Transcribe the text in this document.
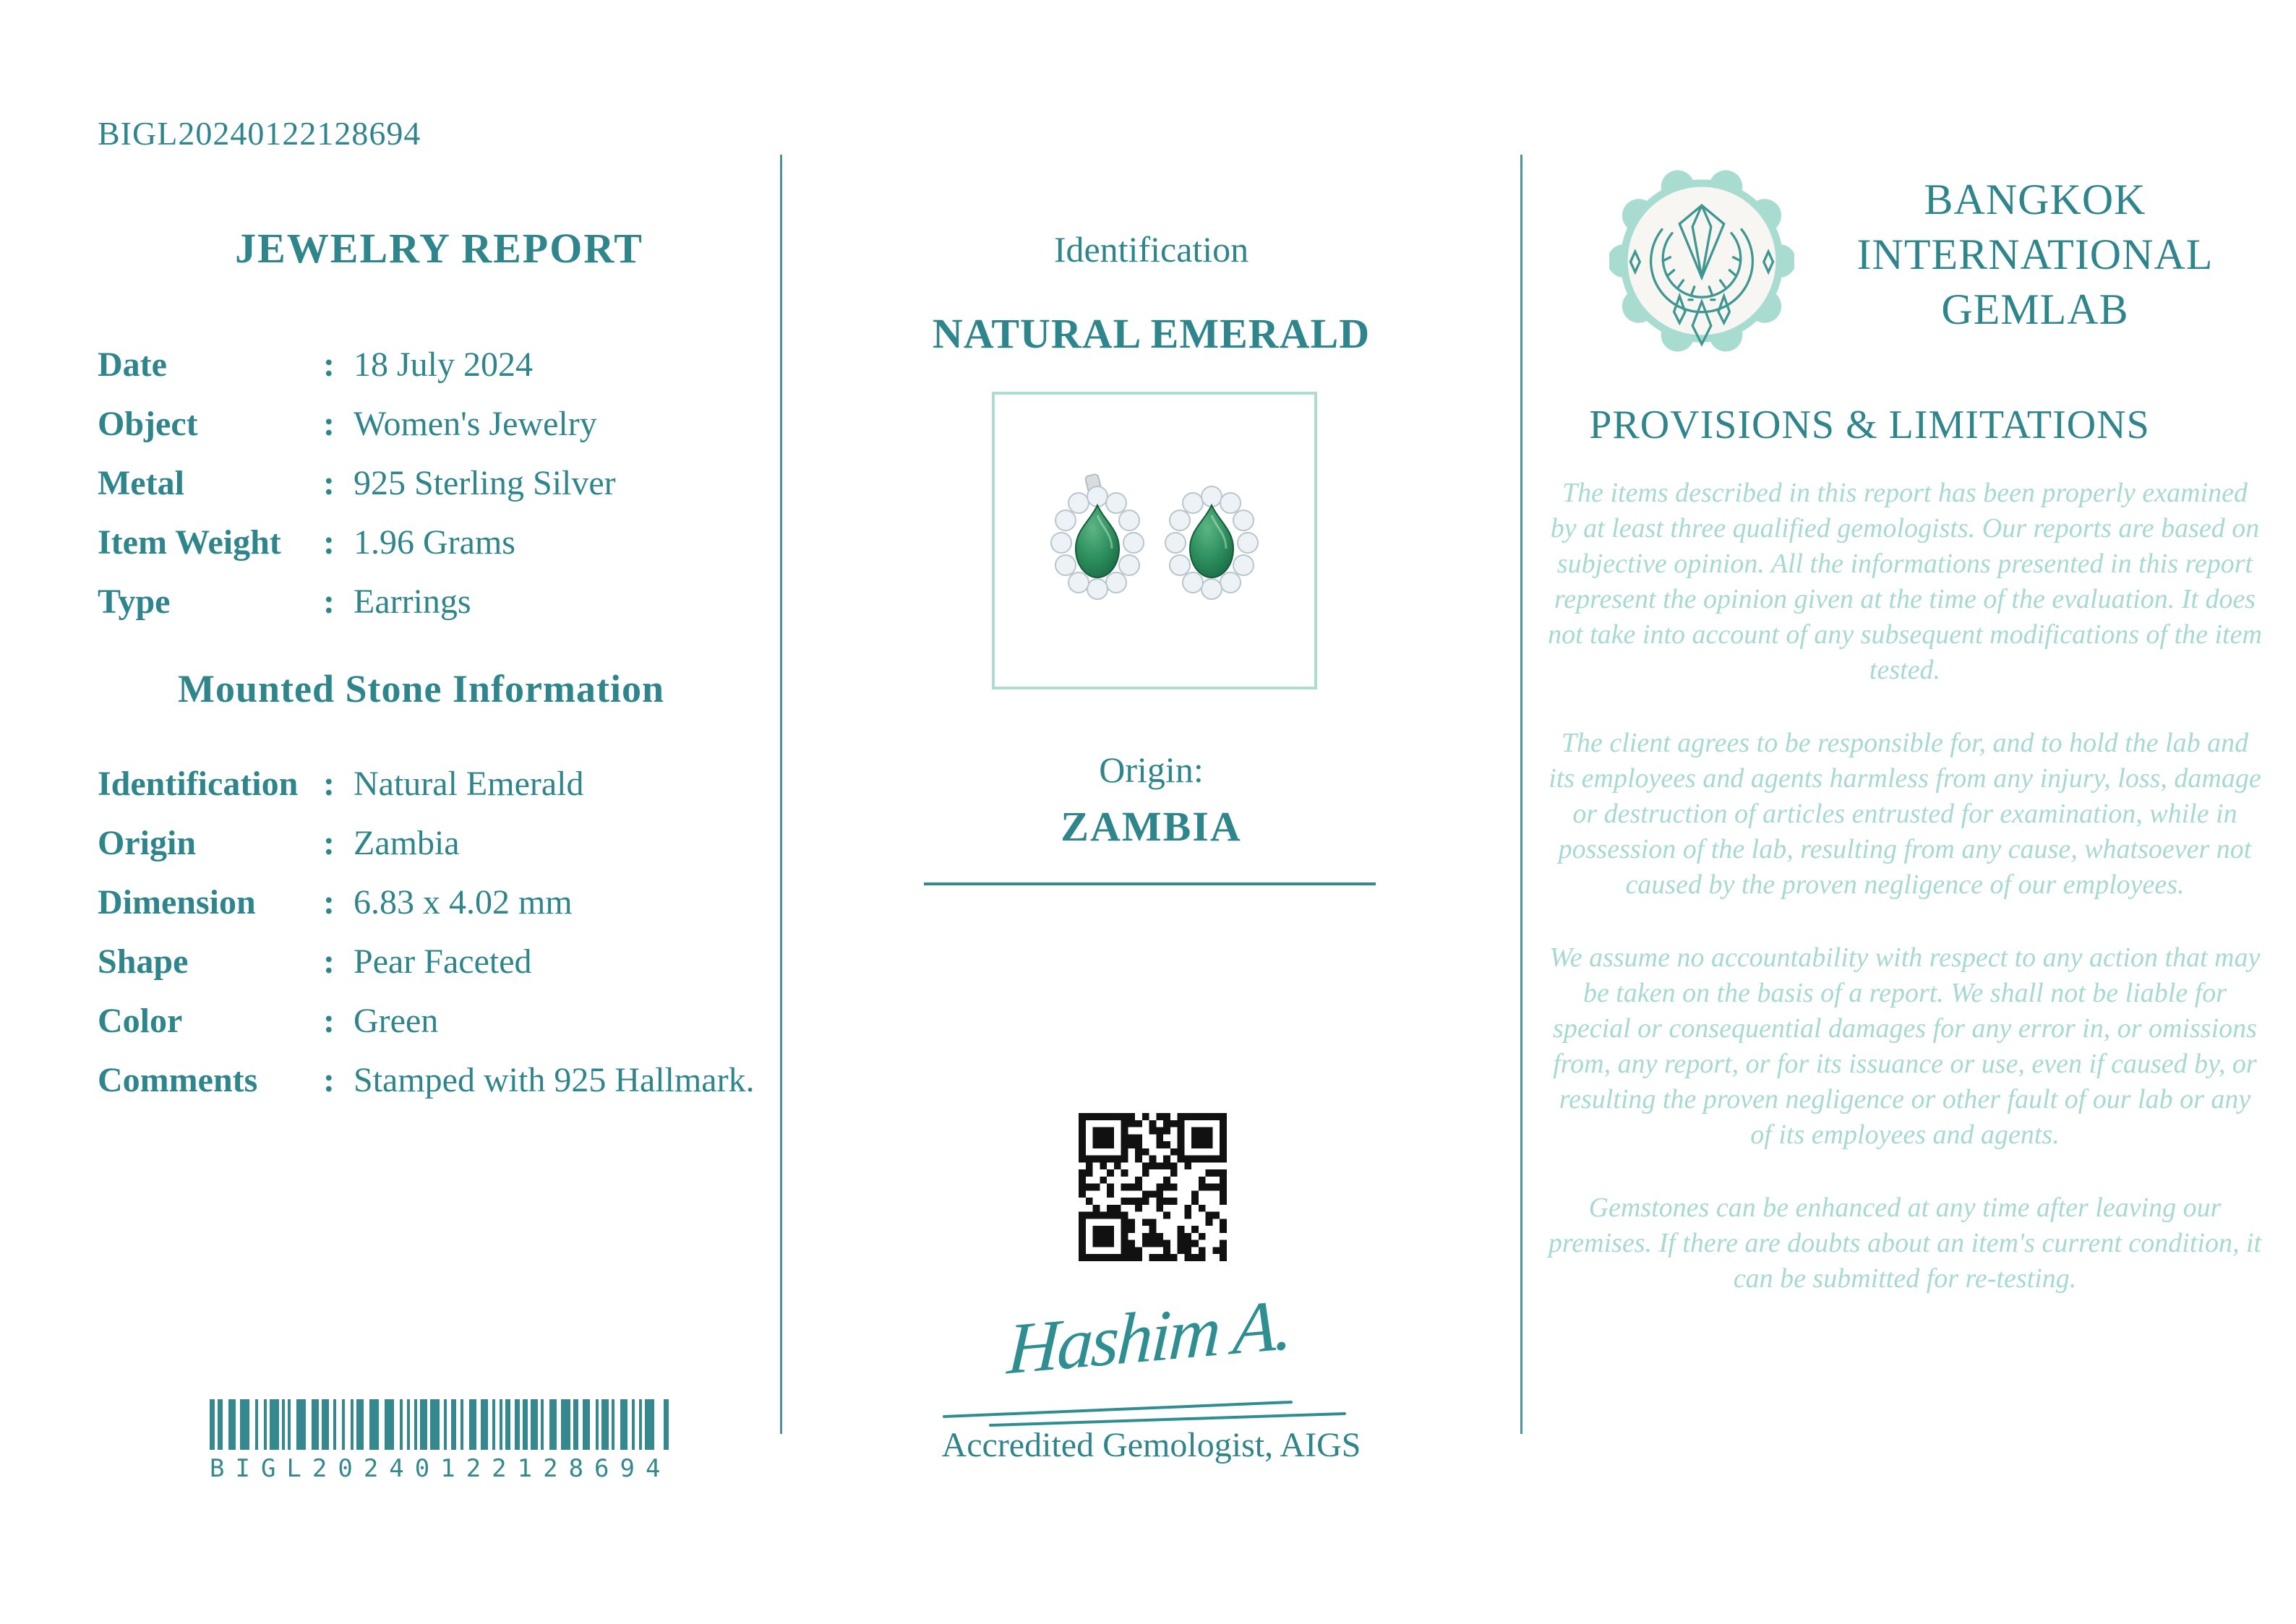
BIGL20240122128694
JEWELRY REPORT
Date	: 18 July 2024
Object	: Women's Jewelry
Metal	: 925 Sterling Silver
Item Weight	: 1.96 Grams
Type	: Earrings
Mounted Stone Information
Identification : Natural Emerald
Origin	: Zambia
Dimension	: 6.83 x 4.02 mm
Shape	: Pear Faceted
Color	: Green
Comments	: Stamped with 925 Hallmark.
BIGL20240122128694
Identification
NATURAL EMERALD
Origin:
ZAMBIA
Hashim A.
Accredited Gemologist, AIGS
BANGKOK
INTERNATIONAL
GEMLAB
PROVISIONS & LIMITATIONS

The items described in this report has been properly examined by at least three qualified gemologists. Our reports are based on subjective opinion. All the informations presented in this report represent the opinion given at the time of the evaluation. It does not take into account of any subsequent modifications of the item tested.

The client agrees to be responsible for, and to hold the lab and its employees and agents harmless from any injury, loss, damage or destruction of articles entrusted for examination, while in possession of the lab, resulting from any cause, whatsoever not caused by the proven negligence of our employees.

We assume no accountability with respect to any action that may be taken on the basis of a report. We shall not be liable for special or consequential damages for any error in, or omissions from, any report, or for its issuance or use, even if caused by, or resulting the proven negligence or other fault of our lab or any of its employees and agents.

Gemstones can be enhanced at any time after leaving our premises. If there are doubts about an item's current condition, it can be submitted for re-testing.
